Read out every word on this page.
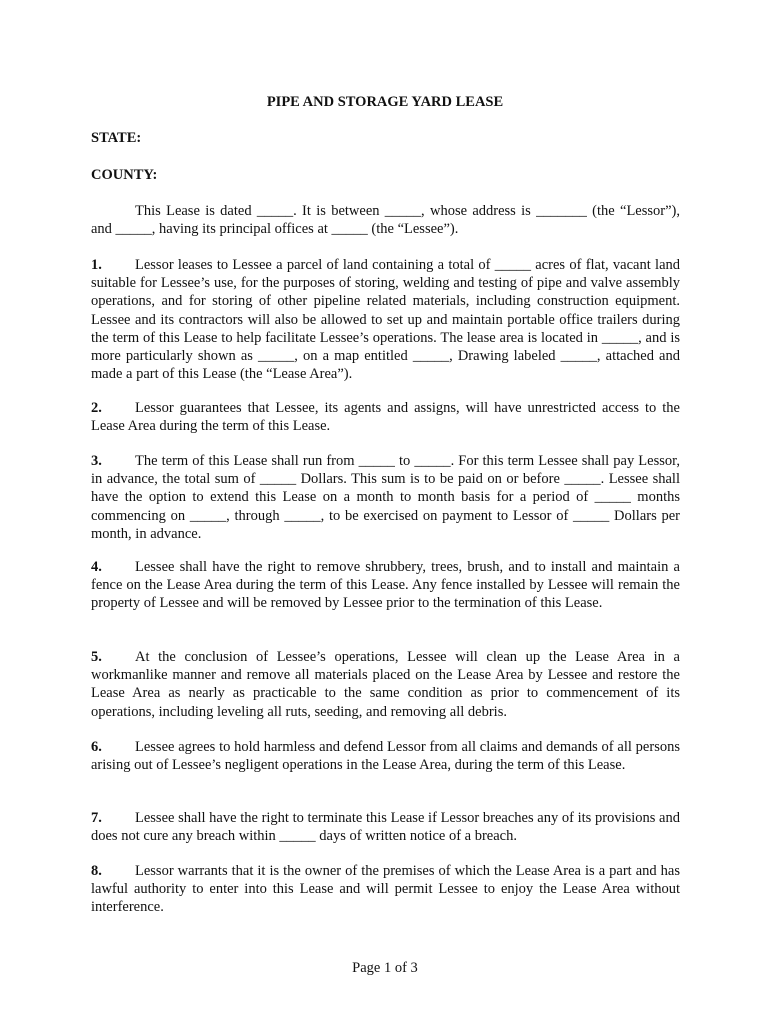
PIPE AND STORAGE YARD LEASE
STATE:
COUNTY:

This Lease is dated _____. It is between _____, whose address is _______ (the “Lessor”), and _____, having its principal offices at _____ (the “Lessee”).

1. Lessor leases to Lessee a parcel of land containing a total of _____ acres of flat, vacant land suitable for Lessee’s use, for the purposes of storing, welding and testing of pipe and valve assembly operations, and for storing of other pipeline related materials, including construction equipment. Lessee and its contractors will also be allowed to set up and maintain portable office trailers during the term of this Lease to help facilitate Lessee’s operations. The lease area is located in _____, and is more particularly shown as _____, on a map entitled _____, Drawing labeled _____, attached and made a part of this Lease (the “Lease Area”).

2. Lessor guarantees that Lessee, its agents and assigns, will have unrestricted access to the Lease Area during the term of this Lease.

3. The term of this Lease shall run from _____ to _____. For this term Lessee shall pay Lessor, in advance, the total sum of _____ Dollars. This sum is to be paid on or before _____. Lessee shall have the option to extend this Lease on a month to month basis for a period of _____ months commencing on _____, through _____, to be exercised on payment to Lessor of _____ Dollars per month, in advance.

4. Lessee shall have the right to remove shrubbery, trees, brush, and to install and maintain a fence on the Lease Area during the term of this Lease. Any fence installed by Lessee will remain the property of Lessee and will be removed by Lessee prior to the termination of this Lease.

5. At the conclusion of Lessee’s operations, Lessee will clean up the Lease Area in a workmanlike manner and remove all materials placed on the Lease Area by Lessee and restore the Lease Area as nearly as practicable to the same condition as prior to commencement of its operations, including leveling all ruts, seeding, and removing all debris.

6. Lessee agrees to hold harmless and defend Lessor from all claims and demands of all persons arising out of Lessee’s negligent operations in the Lease Area, during the term of this Lease.

7. Lessee shall have the right to terminate this Lease if Lessor breaches any of its provisions and does not cure any breach within _____ days of written notice of a breach.

8. Lessor warrants that it is the owner of the premises of which the Lease Area is a part and has lawful authority to enter into this Lease and will permit Lessee to enjoy the Lease Area without interference.

Page 1 of 3
